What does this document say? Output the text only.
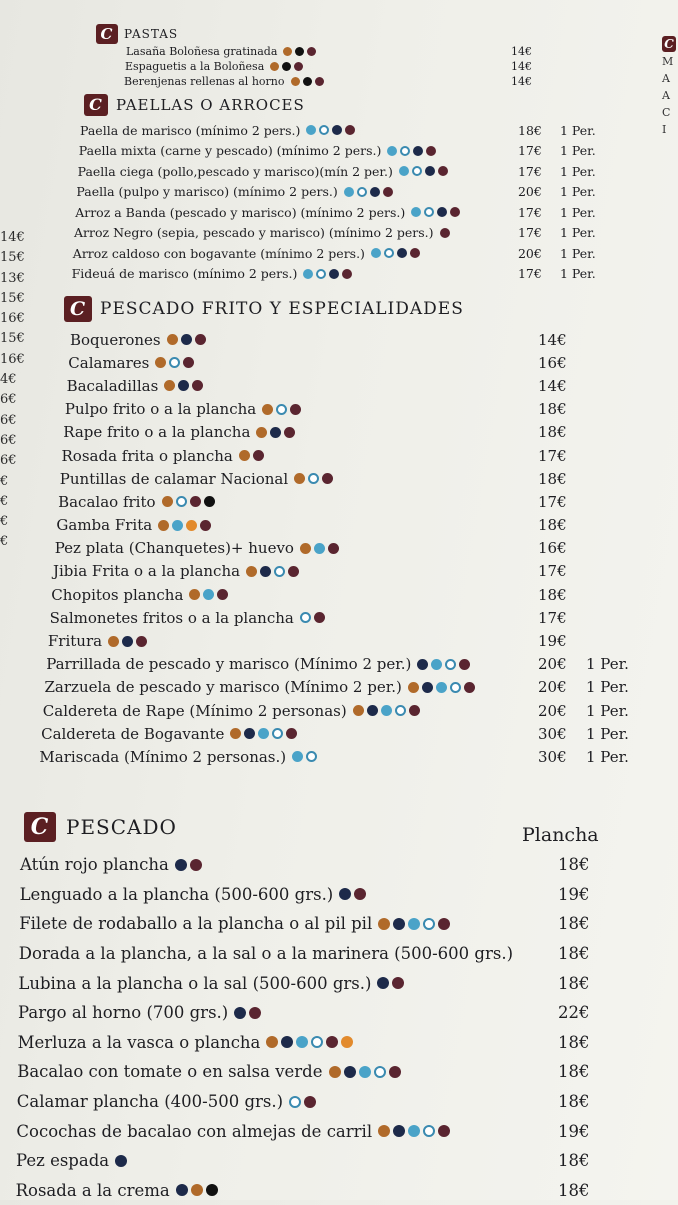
14€
15€
13€
15€
16€
15€
16€
4€
6€
6€
6€
6€
€
€
€
€
C
M
A
A
C
I
C PASTAS
Lasaña Boloñesa gratinada	14€
Espaguetis a la Boloñesa	14€
Berenjenas rellenas al horno	14€
C PAELLAS O ARROCES
Paella de marisco (mínimo 2 pers.)	18€ 1 Per.
Paella mixta (carne y pescado) (mínimo 2 pers.)	17€ 1 Per.
Paella ciega (pollo,pescado y marisco)(mín 2 per.)	17€ 1 Per.
Paella (pulpo y marisco) (mínimo 2 pers.)	20€ 1 Per.
Arroz a Banda (pescado y marisco) (mínimo 2 pers.)	17€ 1 Per.
Arroz Negro (sepia, pescado y marisco) (mínimo 2 pers.)	17€ 1 Per.
Arroz caldoso con bogavante (mínimo 2 pers.)	20€ 1 Per.
Fideuá de marisco (mínimo 2 pers.)	17€ 1 Per.
C PESCADO FRITO Y ESPECIALIDADES
Boquerones	14€
Calamares	16€
Bacaladillas	14€
Pulpo frito o a la plancha	18€
Rape frito o a la plancha	18€
Rosada frita o plancha	17€
Puntillas de calamar Nacional	18€
Bacalao frito	17€
Gamba Frita	18€
Pez plata (Chanquetes)+ huevo	16€
Jibia Frita o a la plancha	17€
Chopitos plancha	18€
Salmonetes fritos o a la plancha	17€
Fritura	19€
Parrillada de pescado y marisco (Mínimo 2 per.)	20€ 1 Per.
Zarzuela de pescado y marisco (Mínimo 2 per.)	20€ 1 Per.
Caldereta de Rape (Mínimo 2 personas)	20€ 1 Per.
Caldereta de Bogavante	30€ 1 Per.
Mariscada (Mínimo 2 personas.)	30€ 1 Per.
C PESCADO	Plancha
Atún rojo plancha	18€
Lenguado a la plancha (500-600 grs.)	19€
Filete de rodaballo a la plancha o al pil pil	18€
Dorada a la plancha, a la sal o a la marinera (500-600 grs.)	18€
Lubina a la plancha o la sal (500-600 grs.)	18€
Pargo al horno (700 grs.)	22€
Merluza a la vasca o plancha	18€
Bacalao con tomate o en salsa verde	18€
Calamar plancha (400-500 grs.)	18€
Cocochas de bacalao con almejas de carril	19€
Pez espada	18€
Rosada a la crema	18€
